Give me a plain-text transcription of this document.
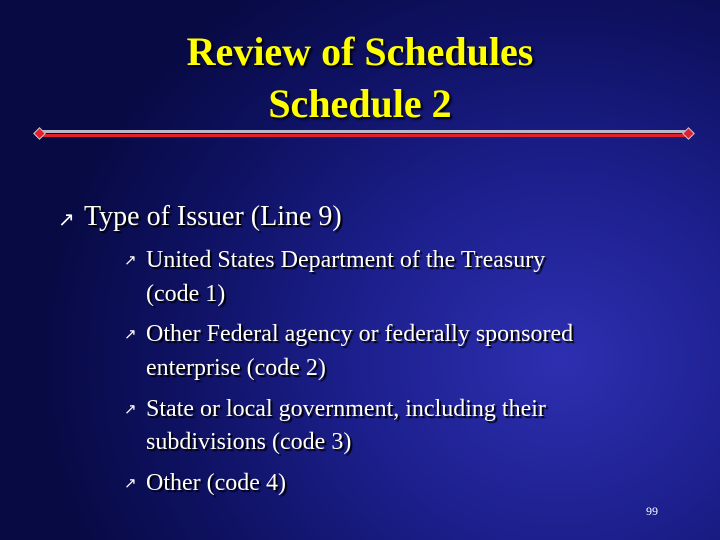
Review of Schedules
Schedule 2
↗ Type of Issuer (Line 9)
↗ United States Department of the Treasury
(code 1)
↗ Other Federal agency or federally sponsored
enterprise (code 2)
↗ State or local government, including their
subdivisions (code 3)
↗ Other (code 4)
99
